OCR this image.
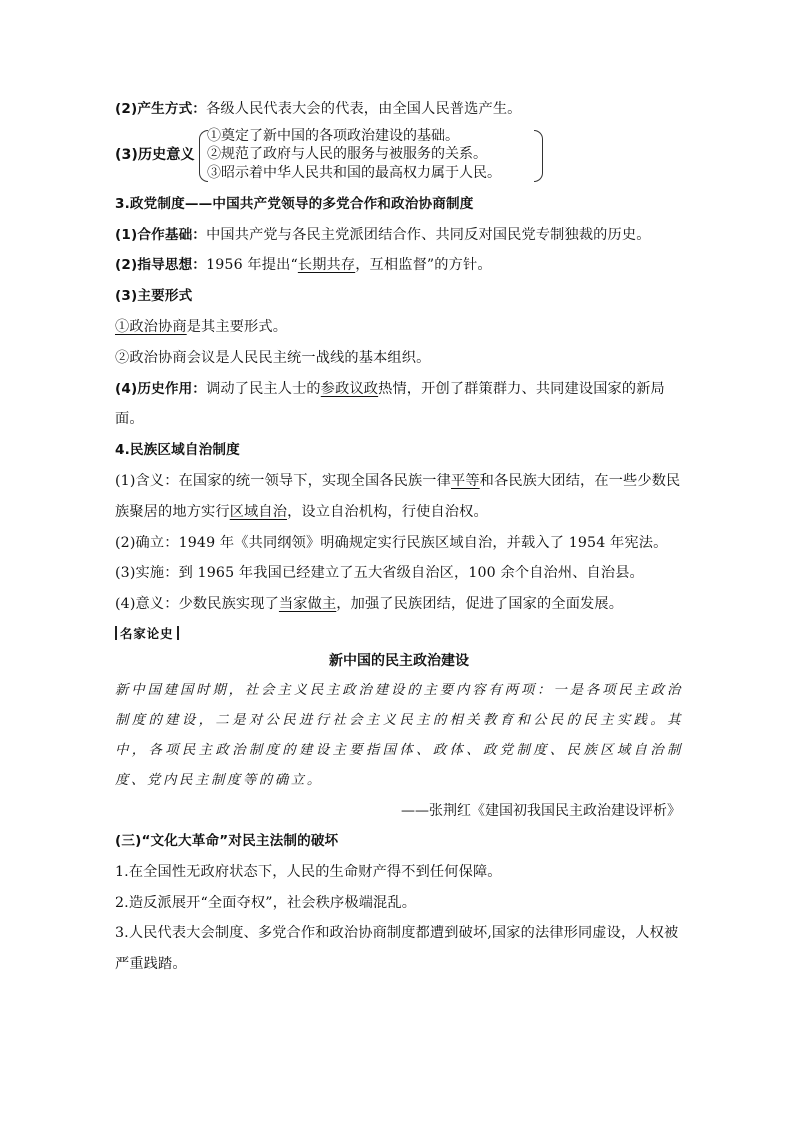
(2)产生方式：各级人民代表大会的代表，由全国人民普选产生。
(3)历史意义
①奠定了新中国的各项政治建设的基础。
②规范了政府与人民的服务与被服务的关系。
③昭示着中华人民共和国的最高权力属于人民。
3.政党制度——中国共产党领导的多党合作和政治协商制度
(1)合作基础：中国共产党与各民主党派团结合作、共同反对国民党专制独裁的历史。
(2)指导思想：1956 年提出“长期共存，互相监督”的方针。
(3)主要形式
①政治协商是其主要形式。
②政治协商会议是人民民主统一战线的基本组织。
(4)历史作用：调动了民主人士的参政议政热情，开创了群策群力、共同建设国家的新局面。
4.民族区域自治制度
(1)含义：在国家的统一领导下，实现全国各民族一律平等和各民族大团结，在一些少数民族聚居的地方实行区域自治，设立自治机构，行使自治权。
(2)确立：1949 年《共同纲领》明确规定实行民族区域自治，并载入了 1954 年宪法。
(3)实施：到 1965 年我国已经建立了五大省级自治区，100 余个自治州、自治县。
(4)意义：少数民族实现了当家做主，加强了民族团结，促进了国家的全面发展。
名家论史
新中国的民主政治建设
新中国建国时期，社会主义民主政治建设的主要内容有两项：一是各项民主政治制度的建设，二是对公民进行社会主义民主的相关教育和公民的民主实践。其中，各项民主政治制度的建设主要指国体、政体、政党制度、民族区域自治制度、党内民主制度等的确立。
——张荆红《建国初我国民主政治建设评析》
(三)“文化大革命”对民主法制的破坏
1.在全国性无政府状态下，人民的生命财产得不到任何保障。
2.造反派展开“全面夺权”，社会秩序极端混乱。
3.人民代表大会制度、多党合作和政治协商制度都遭到破坏,国家的法律形同虚设，人权被严重践踏。
